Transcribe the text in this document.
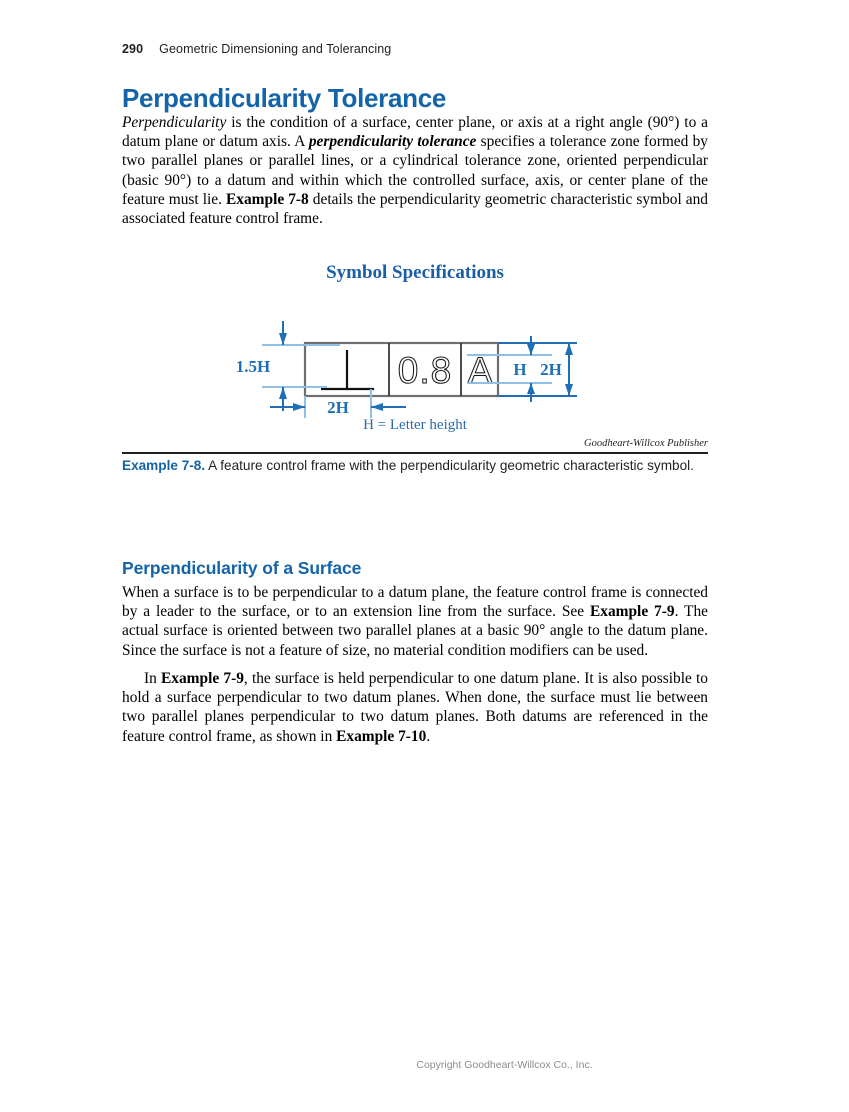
290 Geometric Dimensioning and Tolerancing
Perpendicularity Tolerance
Perpendicularity is the condition of a surface, center plane, or axis at a right angle (90°) to a datum plane or datum axis. A perpendicularity tolerance specifies a tolerance zone formed by two parallel planes or parallel lines, or a cylindrical tolerance zone, oriented perpendicular (basic 90°) to a datum and within which the controlled surface, axis, or center plane of the feature must lie. Example 7-8 details the perpendicularity geometric characteristic symbol and associated feature control frame.
Symbol Specifications
0.8 A
1.5H
2H
H 2H
H = Letter height
Goodheart-Willcox Publisher
Example 7-8. A feature control frame with the perpendicularity geometric characteristic symbol.
Perpendicularity of a Surface
When a surface is to be perpendicular to a datum plane, the feature control frame is connected by a leader to the surface, or to an extension line from the surface. See Example 7-9. The actual surface is oriented between two parallel planes at a basic 90° angle to the datum plane. Since the surface is not a feature of size, no material condition modifiers can be used.
In Example 7-9, the surface is held perpendicular to one datum plane. It is also possible to hold a surface perpendicular to two datum planes. When done, the surface must lie between two parallel planes perpendicular to two datum planes. Both datums are referenced in the feature control frame, as shown in Example 7-10.
Copyright Goodheart-Willcox Co., Inc.
